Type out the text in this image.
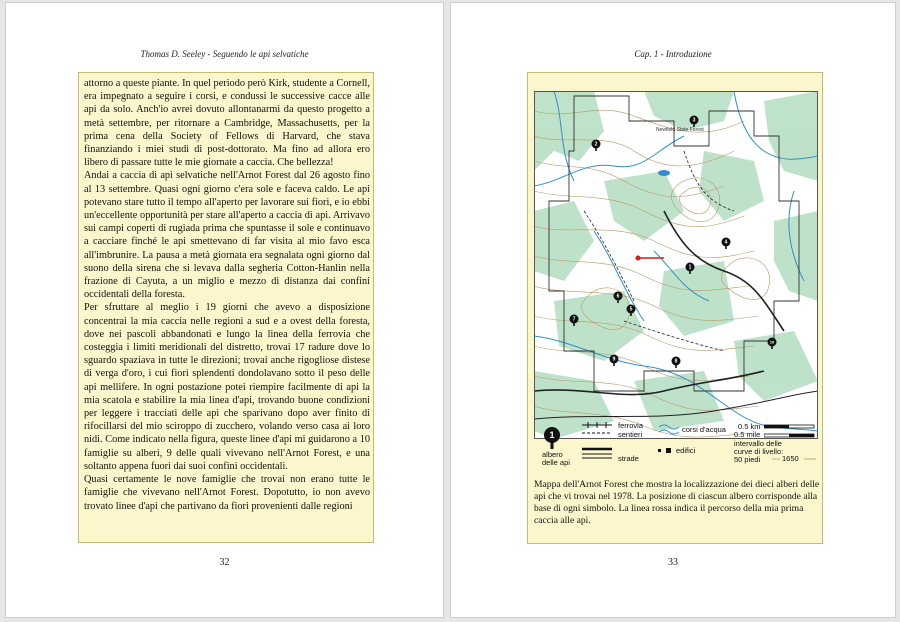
Thomas D. Seeley - Seguendo le api selvatiche

attorno a queste piante. In quel periodo però Kirk, studente a Cornell, era impegnato a seguire i corsi, e condussi le successive cacce alle api da solo. Anch'io avrei dovuto allontanarmi da questo progetto a metà settembre, per ritornare a Cambridge, Massachusetts, per la prima cena della Society of Fellows di Harvard, che stava finanziando i miei studi di post-dottorato. Ma fino ad allora ero libero di passare tutte le mie giornate a caccia. Che bellezza!

Andai a caccia di api selvatiche nell'Arnot Forest dal 26 agosto fino al 13 settembre. Quasi ogni giorno c'era sole e faceva caldo. Le api potevano stare tutto il tempo all'aperto per lavorare sui fiori, e io ebbi un'eccellente opportunità per stare all'aperto a caccia di api. Arrivavo sui campi coperti di rugiada prima che spuntasse il sole e continuavo a cacciare finché le api smettevano di far visita al mio favo esca all'imbrunire. La pausa a metà giornata era segnalata ogni giorno dal suono della sirena che si levava dalla segheria Cotton-Hanlin nella frazione di Cayuta, a un miglio e mezzo di distanza dai confini occidentali della foresta.

Per sfruttare al meglio i 19 giorni che avevo a disposizione concentrai la mia caccia nelle regioni a sud e a ovest della foresta, dove nei pascoli abbandonati e lungo la linea della ferrovia che costeggia i limiti meridionali del distretto, trovai 17 radure dove lo sguardo spaziava in tutte le direzioni; trovai anche rigogliose distese di verga d'oro, i cui fiori splendenti dondolavano sotto il peso delle api mellifere. In ogni postazione potei riempire facilmente di api la mia scatola e stabilire la mia linea d'api, trovando buone condizioni per leggere i tracciati delle api che sparivano dopo aver finito di rifocillarsi del mio sciroppo di zucchero, volando verso casa ai loro nidi. Come indicato nella figura, queste linee d'api mi guidarono a 10 famiglie su alberi, 9 delle quali vivevano nell'Arnot Forest, e una soltanto appena fuori dai suoi confini occidentali.

Quasi certamente le nove famiglie che trovai non erano tutte le famiglie che vivevano nell'Arnot Forest. Dopotutto, io non avevo trovato linee d'api che partivano da fiori provenienti dalle regioni

32
Cap. 1 - Introduzione
Newfield State Forest
1
2
3
4
5
6
7
8
9
10
1
albero
delle api
ferrovia
sentieri
strade
corsi d'acqua
edifici
0.5 km
0.5 mile
intervallo delle
curve di livello:
50 piedi	1650

Mappa dell'Arnot Forest che mostra la localizzazione dei dieci alberi delle api che vi trovai nel 1978. La posizione di ciascun albero corrisponde alla base di ogni simbolo. La linea rossa indica il percorso della mia prima caccia alle api.

33
